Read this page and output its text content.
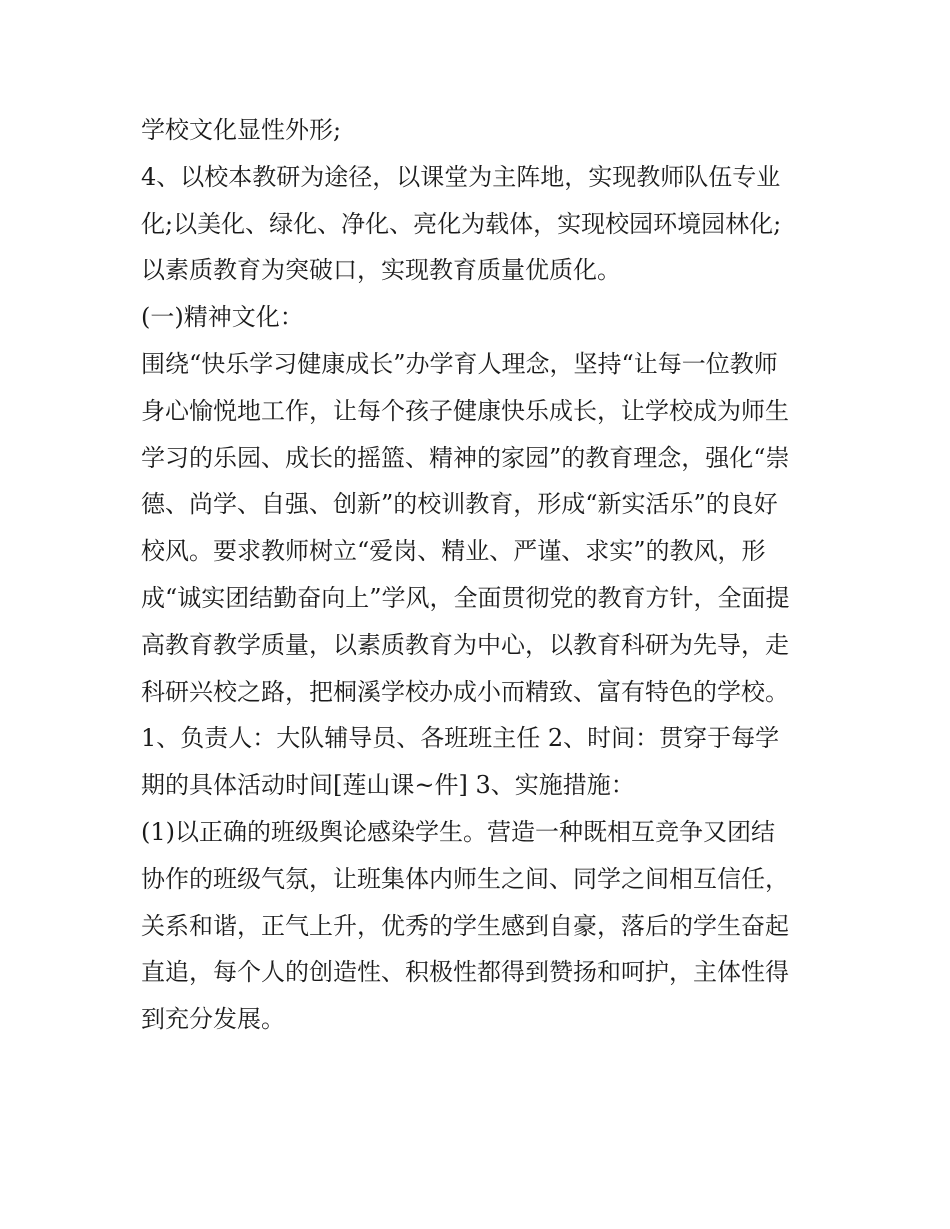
学校文化显性外形;
4、以校本教研为途径，以课堂为主阵地，实现教师队伍专业
化;以美化、绿化、净化、亮化为载体，实现校园环境园林化;
以素质教育为突破口，实现教育质量优质化。
(一)精神文化：
围绕“快乐学习健康成长”办学育人理念，坚持“让每一位教师
身心愉悦地工作，让每个孩子健康快乐成长，让学校成为师生
学习的乐园、成长的摇篮、精神的家园”的教育理念，强化“崇
德、尚学、自强、创新”的校训教育，形成“新实活乐”的良好
校风。要求教师树立“爱岗、精业、严谨、求实”的教风，形
成“诚实团结勤奋向上”学风，全面贯彻党的教育方针，全面提
高教育教学质量，以素质教育为中心，以教育科研为先导，走
科研兴校之路，把桐溪学校办成小而精致、富有特色的学校。
1、负责人：大队辅导员、各班班主任 2、时间：贯穿于每学
期的具体活动时间[莲山课~件] 3、实施措施：
(1)以正确的班级舆论感染学生。营造一种既相互竞争又团结
协作的班级气氛，让班集体内师生之间、同学之间相互信任，
关系和谐，正气上升，优秀的学生感到自豪，落后的学生奋起
直追，每个人的创造性、积极性都得到赞扬和呵护，主体性得
到充分发展。
